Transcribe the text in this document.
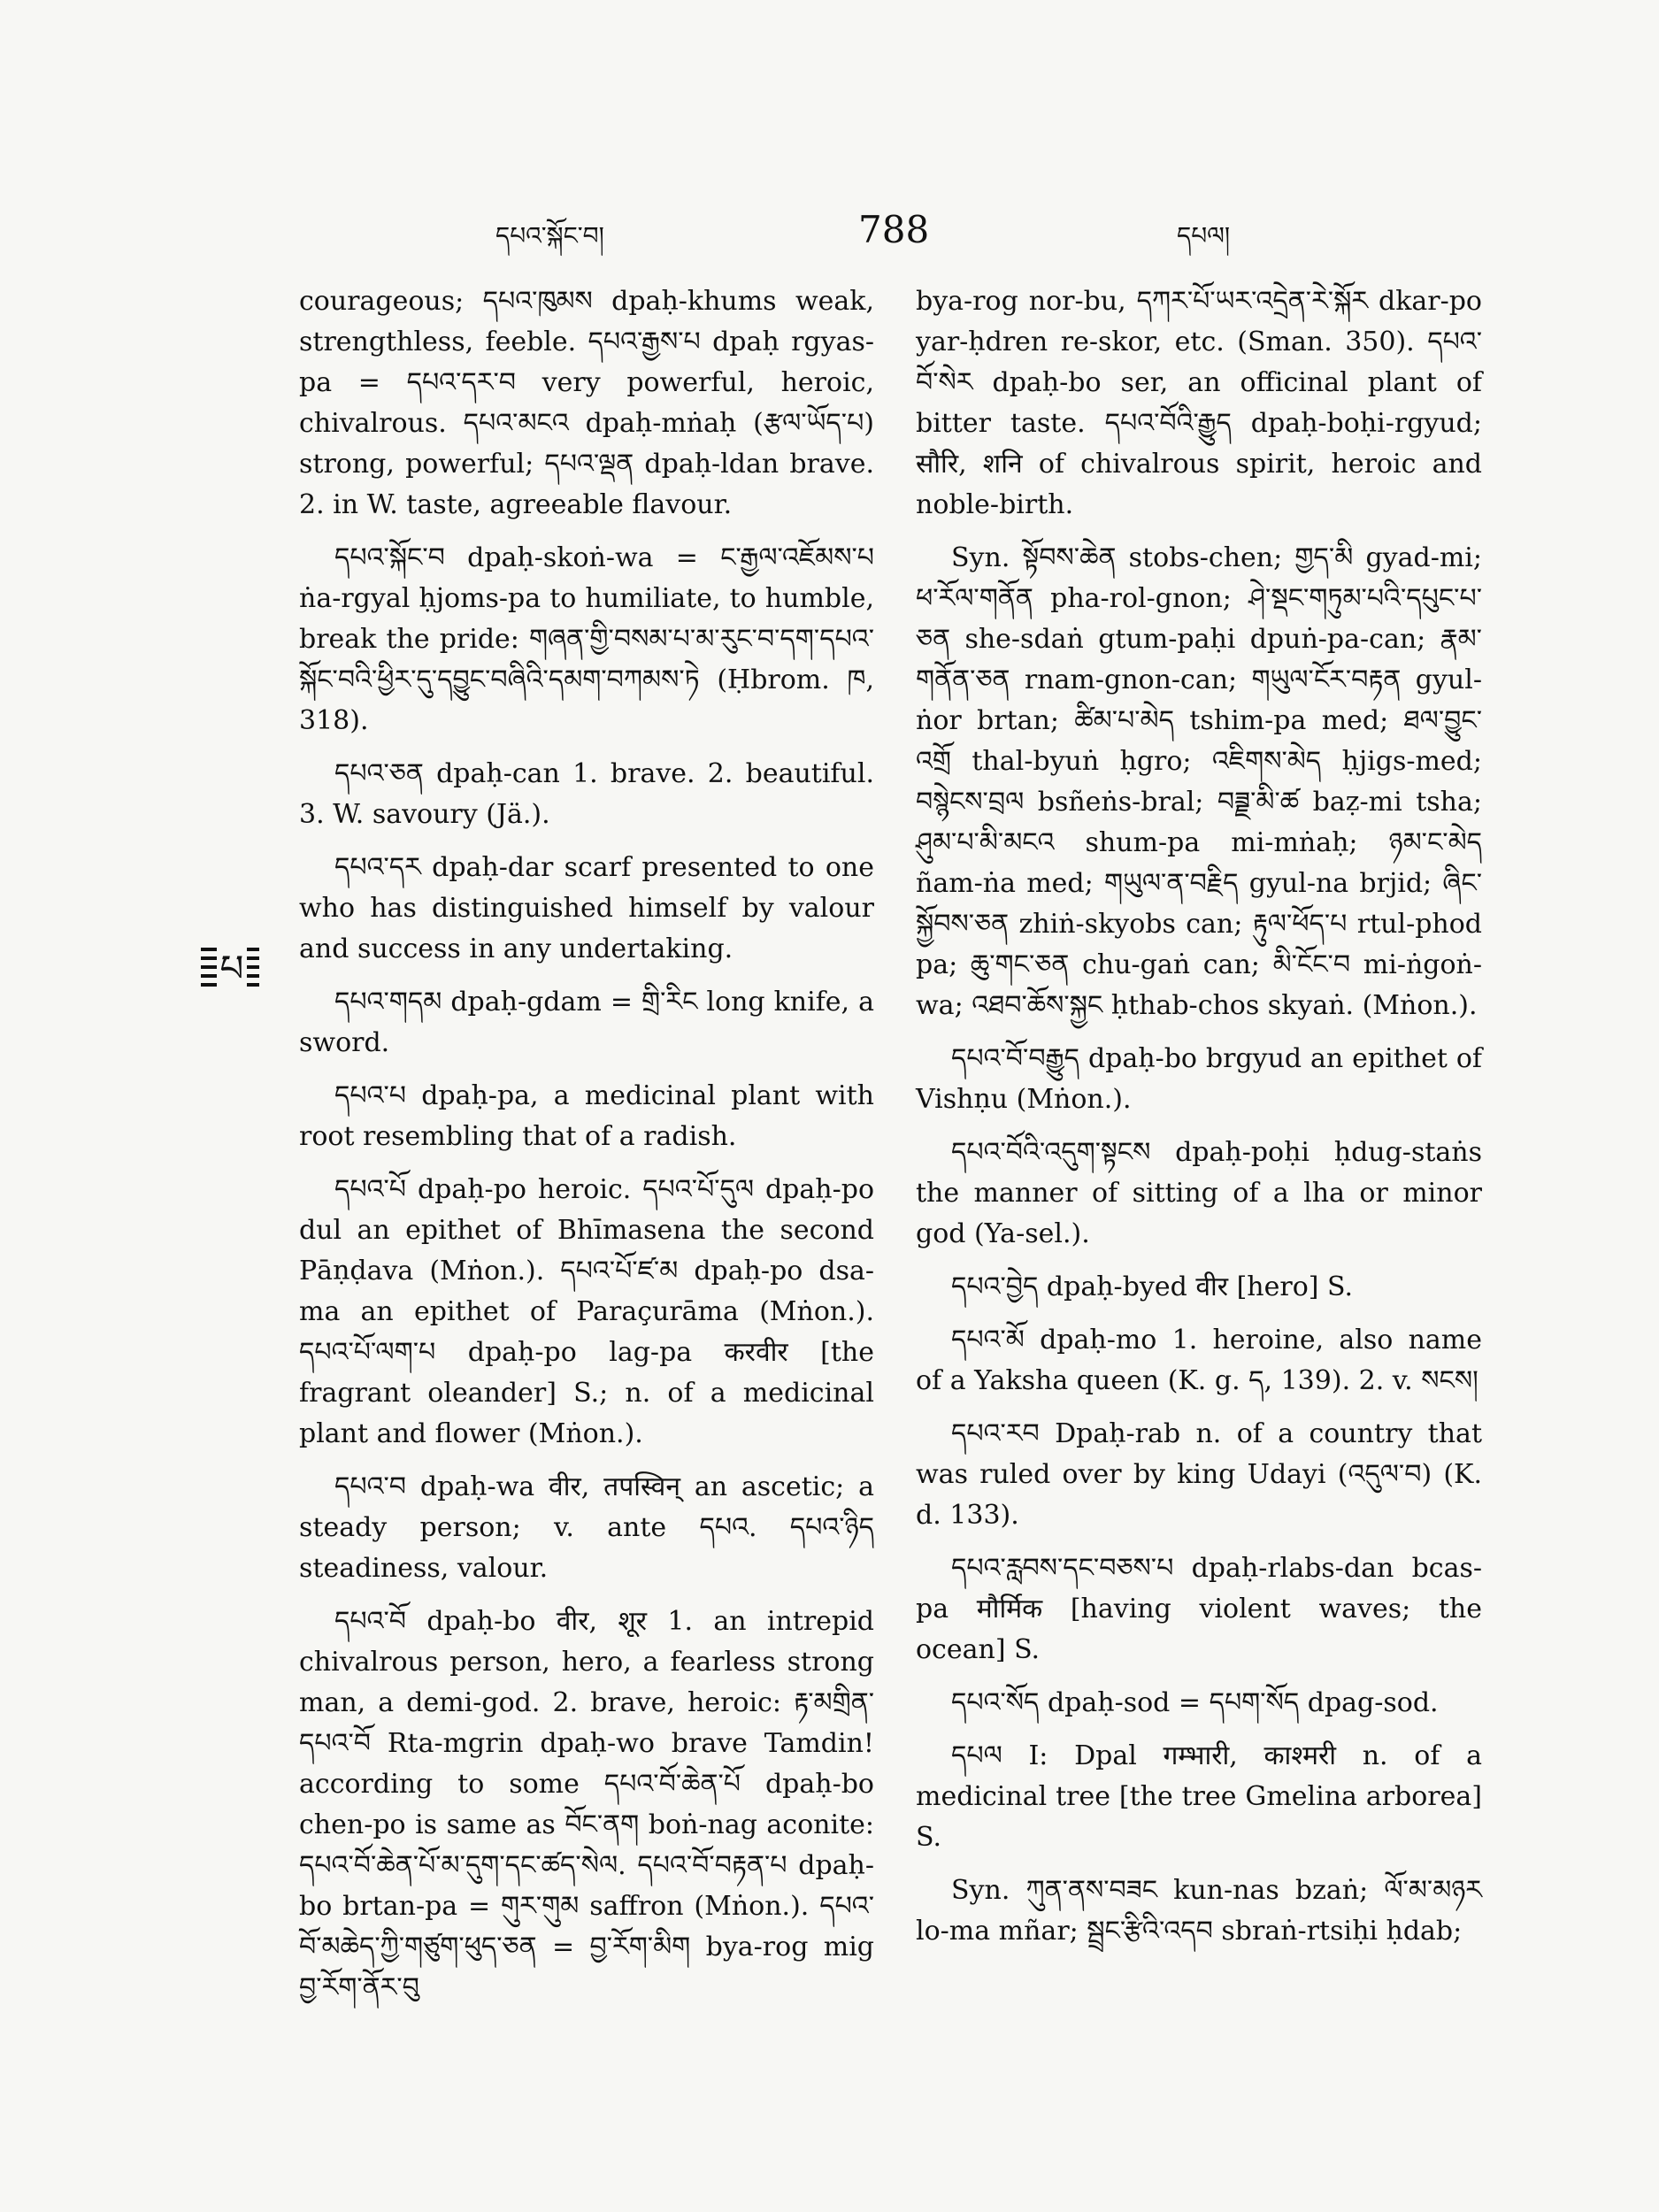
དཔའ་སྐོང་བ།	788	དཔལ།
པ

courageous; དཔའ་ཁུམས dpaḥ-khums weak, strengthless, feeble. དཔའ་རྒྱས་པ dpaḥ rgyas-pa = དཔའ་དར་བ very powerful, heroic, chivalrous. དཔའ་མངའ dpaḥ-mṅaḥ (རྩལ་ཡོད་པ) strong, powerful; དཔའ་ལྡན dpaḥ-ldan brave. 2. in W. taste, agreeable flavour.

དཔའ་སྐོང་བ dpaḥ-skoṅ-wa = ང་རྒྱལ་འཇོམས་པ ṅa-rgyal ḥjoms-pa to humiliate, to humble, break the pride: གཞན་གྱི་བསམ་པ་མ་རུང་བ་དག་དཔའ་སྐོང་བའི་ཕྱིར་དུ་དབྱུང་བཞིའི་དམག་བཀམས་ཏེ (Ḥbrom. ཁ, 318).

དཔའ་ཅན dpaḥ-can 1. brave. 2. beautiful. 3. W. savoury (Jä.).

དཔའ་དར dpaḥ-dar scarf presented to one who has distinguished himself by valour and success in any undertaking.

དཔའ་གདམ dpaḥ-gdam = གྲི་རིང long knife, a sword.

དཔའ་པ dpaḥ-pa, a medicinal plant with root resembling that of a radish.

དཔའ་པོ dpaḥ-po heroic. དཔའ་པོ་དུལ dpaḥ-po dul an epithet of Bhīmasena the second Pāṇḍava (Mṅon.). དཔའ་པོ་ཛ་མ dpaḥ-po dsa-ma an epithet of Paraçurāma (Mṅon.). དཔའ་པོ་ལག་པ dpaḥ-po lag-pa करवीर [the fragrant oleander] S.; n. of a medicinal plant and flower (Mṅon.).

དཔའ་བ dpaḥ-wa वीर, तपस्विन् an ascetic; a steady person; v. ante དཔའ. དཔའ་ཉིད steadiness, valour.

དཔའ་བོ dpaḥ-bo वीर, शूर 1. an intrepid chivalrous person, hero, a fearless strong man, a demi-god. 2. brave, heroic: རྟ་མགྲིན་དཔའ་བོ Rta-mgrin dpaḥ-wo brave Tamdin! according to some དཔའ་བོ་ཆེན་པོ dpaḥ-bo chen-po is same as བོང་ནག boṅ-nag aconite: དཔའ་བོ་ཆེན་པོ་མ་དུག་དང་ཚད་སེལ. དཔའ་བོ་བརྟན་པ dpaḥ-bo brtan-pa = གུར་གུམ saffron (Mṅon.). དཔའ་བོ་མཆེད་ཀྱི་གཙུག་ཕུད་ཅན = བྱ་རོག་མིག bya-rog mig བྱ་རོག་ནོར་བུ

bya-rog nor-bu, དཀར་པོ་ཡར་འདྲེན་རེ་སྐོར dkar-po yar-ḥdren re-skor, etc. (Sman. 350). དཔའ་བོ་སེར dpaḥ-bo ser, an officinal plant of bitter taste. དཔའ་བོའི་རྒྱུད dpaḥ-boḥi-rgyud; सौरि, शनि of chivalrous spirit, heroic and noble-birth.

Syn. སྟོབས་ཆེན stobs-chen; གྱད་མི gyad-mi; ཕ་རོལ་གནོན pha-rol-gnon; ཤེ་སྡང་གཏུམ་པའི་དཔུང་པ་ཅན she-sdaṅ gtum-paḥi dpuṅ-pa-can; རྣམ་གནོན་ཅན rnam-gnon-can; གཡུལ་ངོར་བརྟན gyul-ṅor brtan; ཚིམ་པ་མེད tshim-pa med; ཐལ་བྱུང་འགྲོ thal-byuṅ ḥgro; འཇིགས་མེད ḥjigs-med; བསྙེངས་བྲལ bsñeṅs-bral; བཟྗ་མི་ཚ baẓ-mi tsha; ཤུམ་པ་མི་མངའ shum-pa mi-mṅaḥ; ཉམ་ང་མེད ñam-ṅa med; གཡུལ་ན་བརྗིད gyul-na brjid; ཞིང་སྐྱོབས་ཅན zhiṅ-skyobs can; རྟུལ་ཕོད་པ rtul-phod pa; ཆུ་གང་ཅན chu-gaṅ can; མི་ངོང་བ mi-ṅgoṅ-wa; འཐབ་ཆོས་སྐྱང ḥthab-chos skyaṅ. (Mṅon.).

དཔའ་བོ་བརྒྱུད dpaḥ-bo brgyud an epithet of Vishṇu (Mṅon.).

དཔའ་བོའི་འདུག་སྟངས dpaḥ-poḥi ḥdug-staṅs the manner of sitting of a lha or minor god (Ya-sel.).

དཔའ་བྱེད dpaḥ-byed वीर [hero] S.

དཔའ་མོ dpaḥ-mo 1. heroine, also name of a Yaksha queen (K. g. ད, 139). 2. v. སངས།

དཔའ་རབ Dpaḥ-rab n. of a country that was ruled over by king Udayi (འདུལ་བ) (K. d. 133).

དཔའ་རླབས་དང་བཅས་པ dpaḥ-rlabs-dan bcas-pa मौर्मिक [having violent waves; the ocean] S.

དཔའ་སོད dpaḥ-sod = དཔག་སོད dpag-sod.

དཔལ I: Dpal गम्भारी, काश्मरी n. of a medicinal tree [the tree Gmelina arborea] S.

Syn. ཀུན་ནས་བཟང kun-nas bzaṅ; ལོ་མ་མཉར lo-ma mñar; སྦྲང་རྩིའི་འདབ sbraṅ-rtsiḥi ḥdab;
